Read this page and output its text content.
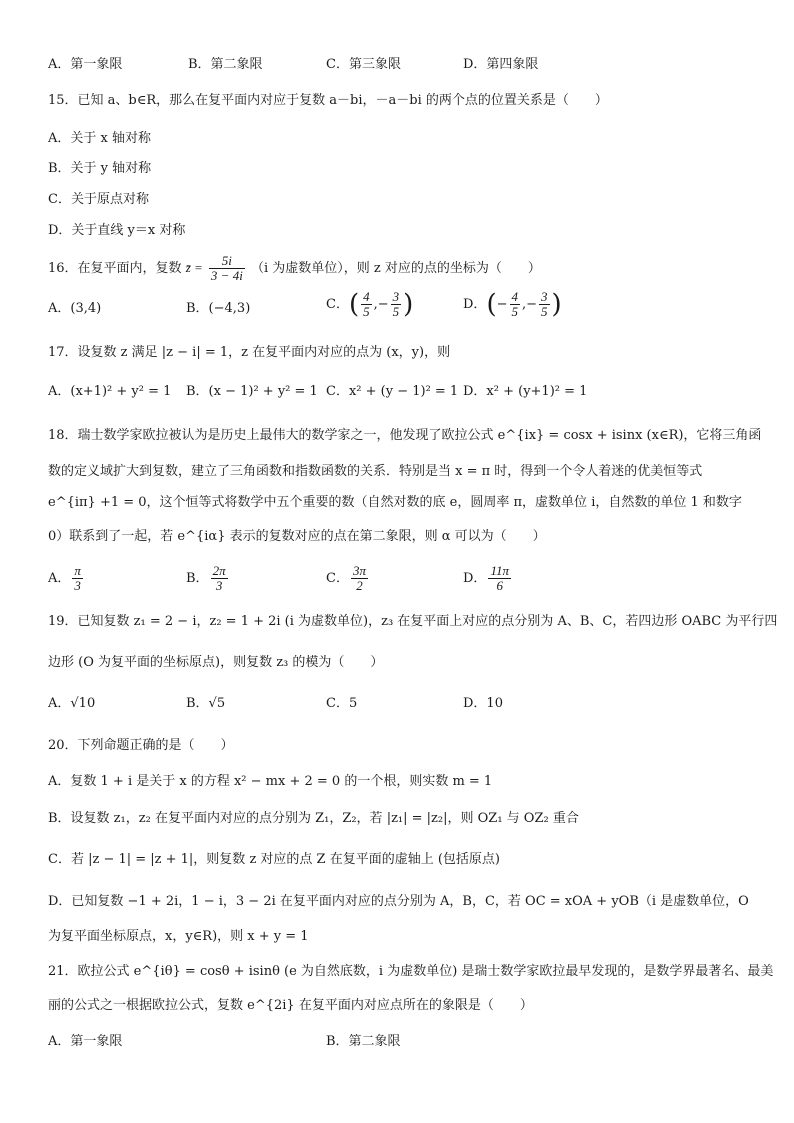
A．第一象限	B．第二象限	C．第三象限	D．第四象限
15．已知 a、b∈R，那么在复平面内对应于复数 a－bi，－a－bi 的两个点的位置关系是（　　）
A．关于 x 轴对称
B．关于 y 轴对称
C．关于原点对称
D．关于直线 y＝x 对称
16．在复平面内，复数 z̄ = $\frac{5i}{3 - 4i} (i$ 为虚数单位），则 z 对应的点的坐标为（　　）
A．(3,4)	B．(−4,3)	C．( $\frac{4}{5}$ ,− $\frac{3}{5}$ )	D．(− $\frac{4}{5}$ ,− $\frac{3}{5}$ )
17．设复数 z 满足 |z − i| = 1，z 在复平面内对应的点为 (x，y)，则
A．(x+1)² + y² = 1 B．(x − 1)² + y² = 1 C．x² + (y − 1)² = 1 D．x² + (y+1)² = 1
18．瑞士数学家欧拉被认为是历史上最伟大的数学家之一，他发现了欧拉公式 e^{ix} = cosx + isinx (x∈R)，它将三角函
数的定义域扩大到复数，建立了三角函数和指数函数的关系．特别是当 x = π 时，得到一个令人着迷的优美恒等式
e^{iπ} +1 = 0，这个恒等式将数学中五个重要的数（自然对数的底 e，圆周率 π，虚数单位 i，自然数的单位 1 和数字
0）联系到了一起，若 e^{iα} 表示的复数对应的点在第二象限，则 α 可以为（　　）
A． $\frac{\pi}{3}$	B． $\frac{2\pi}{3}$	C． $\frac{3\pi}{2}$	D． $\frac{11\pi}{6}$
19．已知复数 z₁ = 2 − i，z₂ = 1 + 2i (i 为虚数单位)，z₃ 在复平面上对应的点分别为 A、B、C，若四边形 OABC 为平行四
边形 (O 为复平面的坐标原点)，则复数 z₃ 的模为（　　）
A．√10	B．√5	C．5	D．10
20．下列命题正确的是（　　）
A．复数 1 + i 是关于 x 的方程 x² − mx + 2 = 0 的一个根，则实数 m = 1
B．设复数 z₁，z₂ 在复平面内对应的点分别为 Z₁，Z₂，若 |z₁| = |z₂|，则 OZ₁ 与 OZ₂ 重合
C．若 |z − 1| = |z + 1|，则复数 z 对应的点 Z 在复平面的虚轴上 (包括原点)
D．已知复数 −1 + 2i，1 − i，3 − 2i 在复平面内对应的点分别为 A，B，C，若 OC = xOA + yOB（i 是虚数单位，O
为复平面坐标原点，x，y∈R)，则 x + y = 1
21．欧拉公式 e^{iθ} = cosθ + isinθ (e 为自然底数，i 为虚数单位) 是瑞士数学家欧拉最早发现的，是数学界最著名、最美
丽的公式之一根据欧拉公式，复数 e^{2i} 在复平面内对应点所在的象限是（　　）
A．第一象限	B．第二象限
